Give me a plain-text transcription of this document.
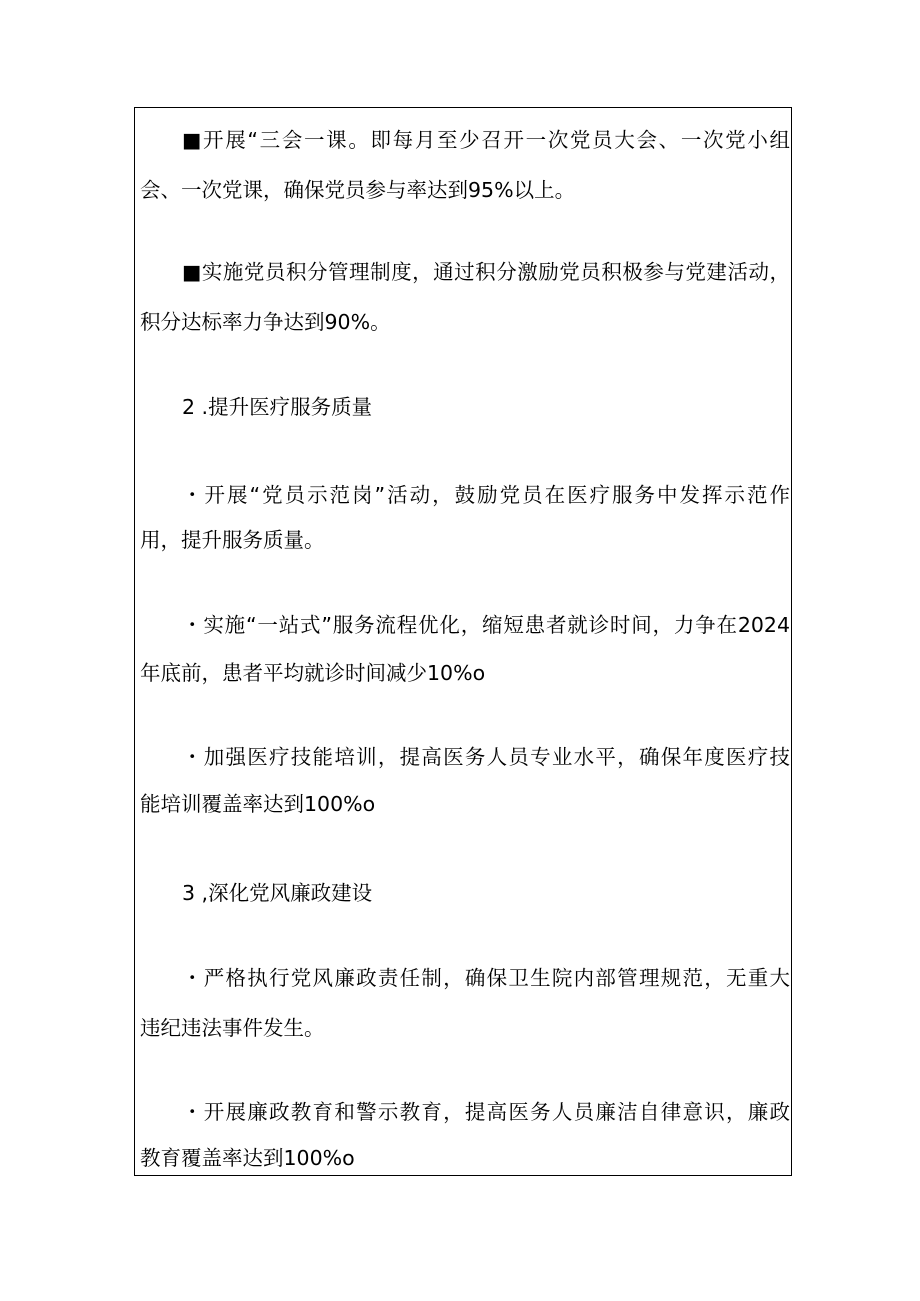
■开展“三会一课。即每月至少召开一次党员大会、一次党小组
会、一次党课，确保党员参与率达到95%以上。
■实施党员积分管理制度，通过积分激励党员积极参与党建活动，
积分达标率力争达到90%。
2 .提升医疗服务质量
・开展“党员示范岗”活动，鼓励党员在医疗服务中发挥示范作
用，提升服务质量。
・实施“一站式”服务流程优化，缩短患者就诊时间，力争在2024
年底前，患者平均就诊时间减少10%o
・加强医疗技能培训，提高医务人员专业水平，确保年度医疗技
能培训覆盖率达到100%o
3 ,深化党风廉政建设
・严格执行党风廉政责任制，确保卫生院内部管理规范，无重大
违纪违法事件发生。
・开展廉政教育和警示教育，提高医务人员廉洁自律意识，廉政
教育覆盖率达到100%o
